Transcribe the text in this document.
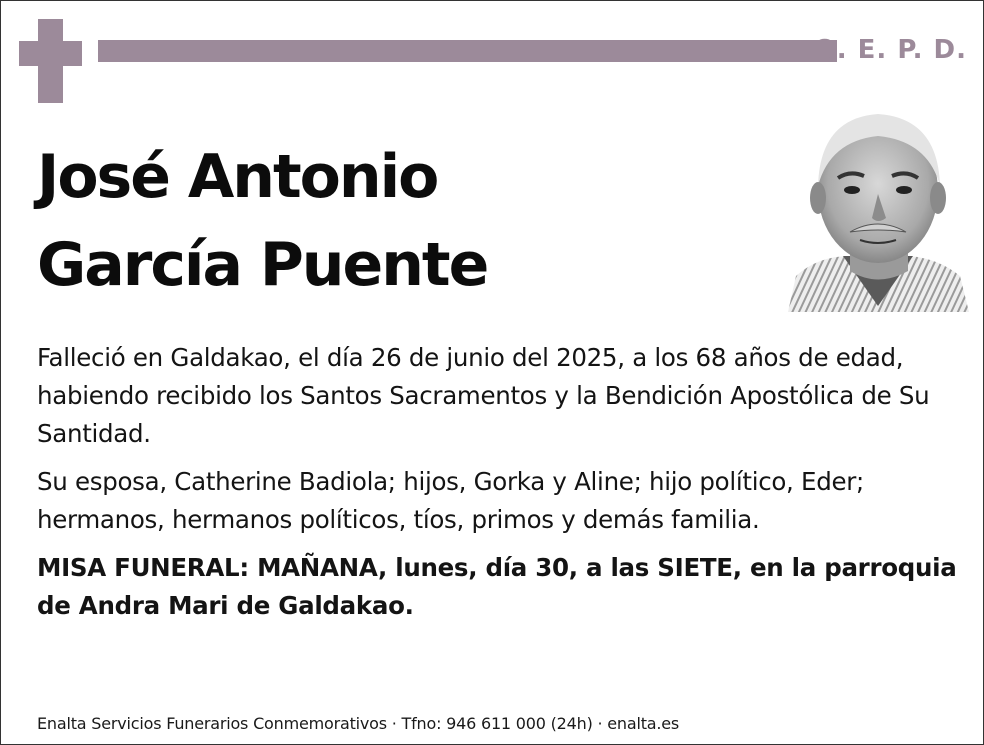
Q. E. P. D.
José Antonio
García Puente

Falleció en Galdakao, el día 26 de junio del 2025, a los 68 años de edad, habiendo recibido los Santos Sacramentos y la Bendición Apostólica de Su Santidad.

Su esposa, Catherine Badiola; hijos, Gorka y Aline; hijo político, Eder; hermanos, hermanos políticos, tíos, primos y demás familia.

MISA FUNERAL: MAÑANA, lunes, día 30, a las SIETE, en la parroquia de Andra Mari de Galdakao.

Enalta Servicios Funerarios Conmemorativos · Tfno: 946 611 000 (24h) · enalta.es
